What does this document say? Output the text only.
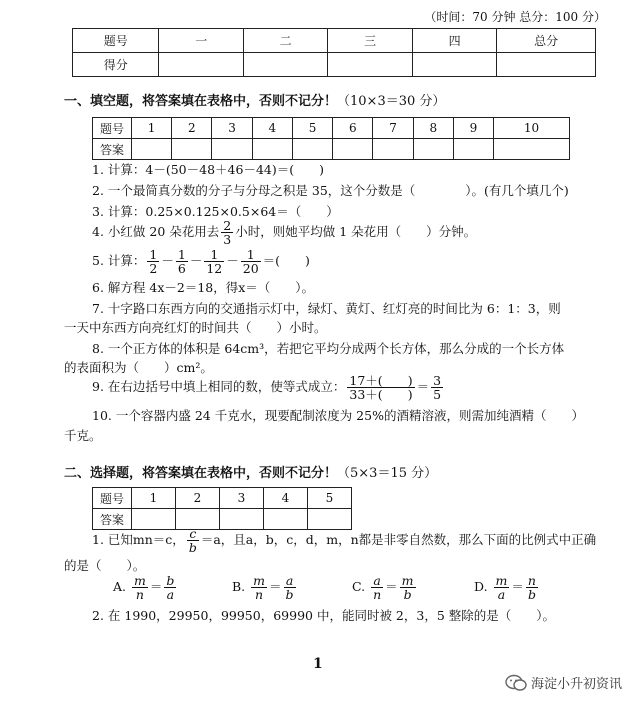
（时间：70 分钟 总分：100 分）
题号	一	二	三	四	总分
得分					
一、填空题，将答案填在表格中，否则不记分！（10×3＝30 分）
题号	1	2	3	4	5	6	7	8	9	10
答案										
1. 计算：4－(50－48＋46－44)＝(　　)
2. 一个最简真分数的分子与分母之积是 35，这个分数是（　　　　）。(有几个填几个)
3. 计算：0.25×0.125×0.5×64＝（　　）
4. 小红做 20 朵花用去 $\frac{2}{3}$ 小时，则她平均做 1 朵花用（　　）分钟。
5. 计算： $\frac{1}{2} - \frac{1}{6} - \frac{1}{12} - \frac{1}{20}$ ＝(　　)
6. 解方程 4x－2＝18，得x＝（　　）。
7. 十字路口东西方向的交通指示灯中，绿灯、黄灯、红灯亮的时间比为 6：1：3，则
一天中东西方向亮红灯的时间共（　　）小时。
8. 一个正方体的体积是 64cm³，若把它平均分成两个长方体，那么分成的一个长方体
的表面积为（　　）cm²。
9. 在右边括号中填上相同的数，使等式成立： $\frac{17+( )}{33+( )} = \frac{3}{5}$
10. 一个容器内盛 24 千克水，现要配制浓度为 25%的酒精溶液，则需加纯酒精（　　）
千克。
二、选择题，将答案填在表格中，否则不记分！（5×3＝15 分）
题号	1	2	3	4	5
答案					
1. 已知mn＝c， $\frac{c}{b} =a$，且a，b，c，d，m，n都是非零自然数，那么下面的比例式中正确
的是（　　）。
A. $\frac{m}{n} = \frac{b}{a}$	B. $\frac{m}{n} = \frac{a}{b}$	C. $\frac{a}{n} = \frac{m}{b}$	D. $\frac{m}{a} = \frac{n}{b}$
2. 在 1990，29950，99950，69990 中，能同时被 2，3，5 整除的是（　　）。
1
海淀小升初资讯
